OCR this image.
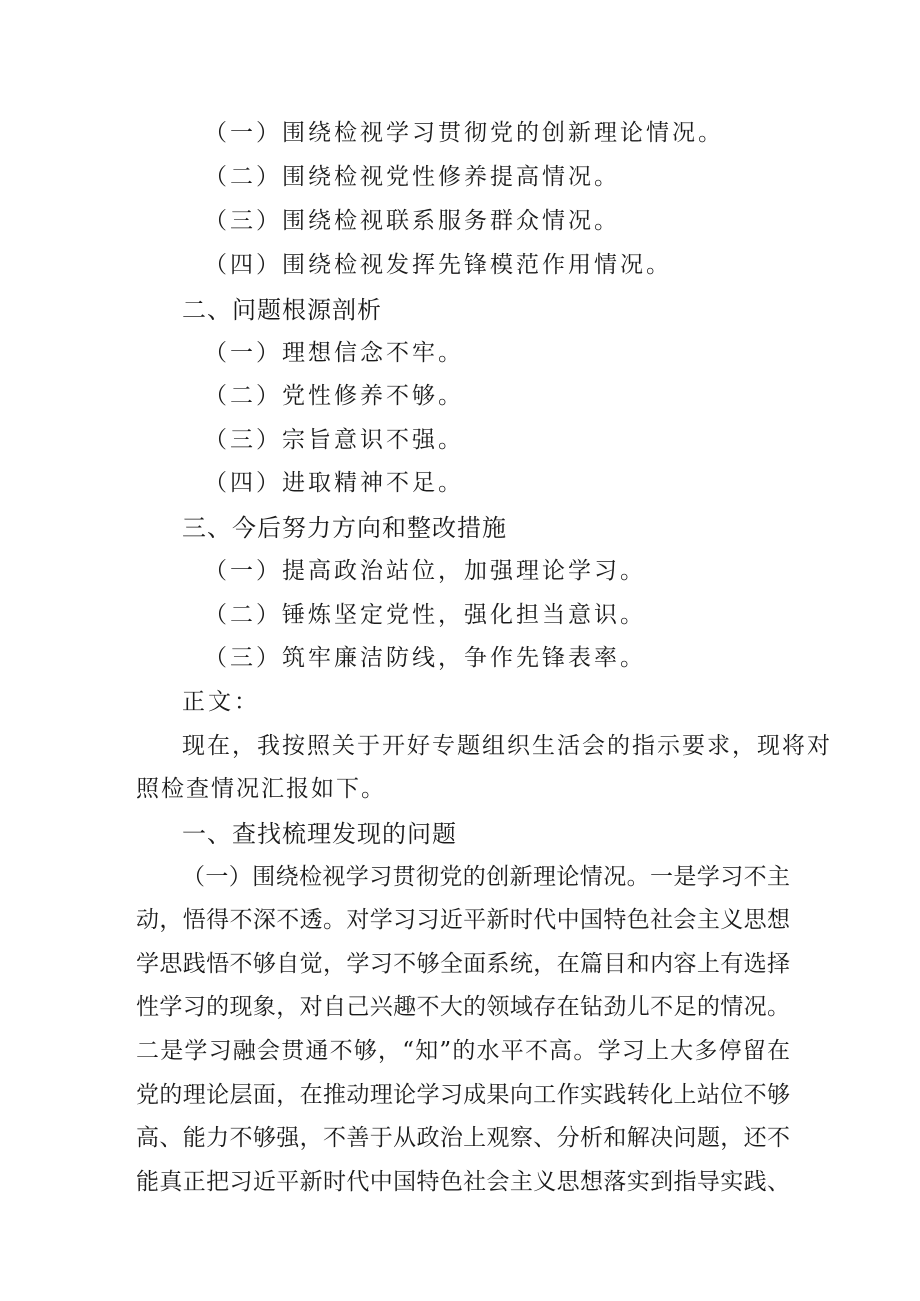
（一）围绕检视学习贯彻党的创新理论情况。
（二）围绕检视党性修养提高情况。
（三）围绕检视联系服务群众情况。
（四）围绕检视发挥先锋模范作用情况。
二、问题根源剖析
（一）理想信念不牢。
（二）党性修养不够。
（三）宗旨意识不强。
（四）进取精神不足。
三、今后努力方向和整改措施
（一）提高政治站位，加强理论学习。
（二）锤炼坚定党性，强化担当意识。
（三）筑牢廉洁防线，争作先锋表率。
正文：
现在，我按照关于开好专题组织生活会的指示要求，现将对
照检查情况汇报如下。
一、查找梳理发现的问题
（一）围绕检视学习贯彻党的创新理论情况。一是学习不主
动，悟得不深不透。对学习习近平新时代中国特色社会主义思想
学思践悟不够自觉，学习不够全面系统，在篇目和内容上有选择
性学习的现象，对自己兴趣不大的领域存在钻劲儿不足的情况。
二是学习融会贯通不够，“知”的水平不高。学习上大多停留在
党的理论层面，在推动理论学习成果向工作实践转化上站位不够
高、能力不够强，不善于从政治上观察、分析和解决问题，还不
能真正把习近平新时代中国特色社会主义思想落实到指导实践、
